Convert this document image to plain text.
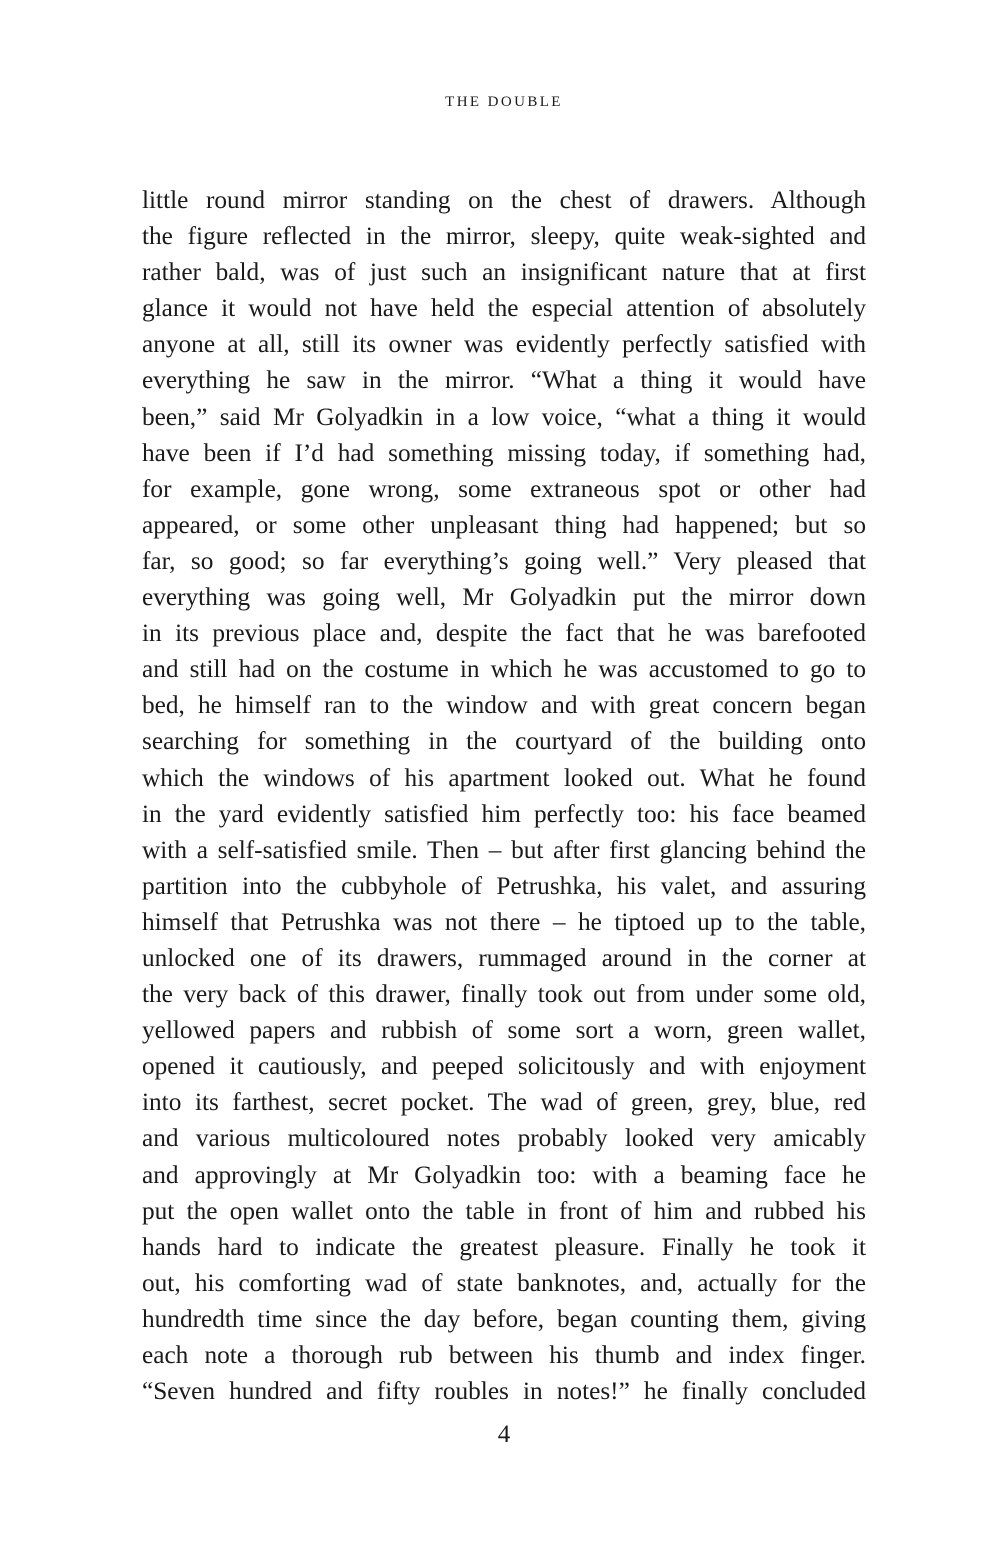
THE DOUBLE
little round mirror standing on the chest of drawers. Although
the figure reflected in the mirror, sleepy, quite weak-sighted and
rather bald, was of just such an insignificant nature that at first
glance it would not have held the especial attention of absolutely
anyone at all, still its owner was evidently perfectly satisfied with
everything he saw in the mirror. “What a thing it would have
been,” said Mr Golyadkin in a low voice, “what a thing it would
have been if I’d had something missing today, if something had,
for example, gone wrong, some extraneous spot or other had
appeared, or some other unpleasant thing had happened; but so
far, so good; so far everything’s going well.” Very pleased that
everything was going well, Mr Golyadkin put the mirror down
in its previous place and, despite the fact that he was barefooted
and still had on the costume in which he was accustomed to go to
bed, he himself ran to the window and with great concern began
searching for something in the courtyard of the building onto
which the windows of his apartment looked out. What he found
in the yard evidently satisfied him perfectly too: his face beamed
with a self-satisfied smile. Then – but after first glancing behind the
partition into the cubbyhole of Petrushka, his valet, and assuring
himself that Petrushka was not there – he tiptoed up to the table,
unlocked one of its drawers, rummaged around in the corner at
the very back of this drawer, finally took out from under some old,
yellowed papers and rubbish of some sort a worn, green wallet,
opened it cautiously, and peeped solicitously and with enjoyment
into its farthest, secret pocket. The wad of green, grey, blue, red
and various multicoloured notes probably looked very amicably
and approvingly at Mr Golyadkin too: with a beaming face he
put the open wallet onto the table in front of him and rubbed his
hands hard to indicate the greatest pleasure. Finally he took it
out, his comforting wad of state banknotes, and, actually for the
hundredth time since the day before, began counting them, giving
each note a thorough rub between his thumb and index finger.
“Seven hundred and fifty roubles in notes!” he finally concluded
4
